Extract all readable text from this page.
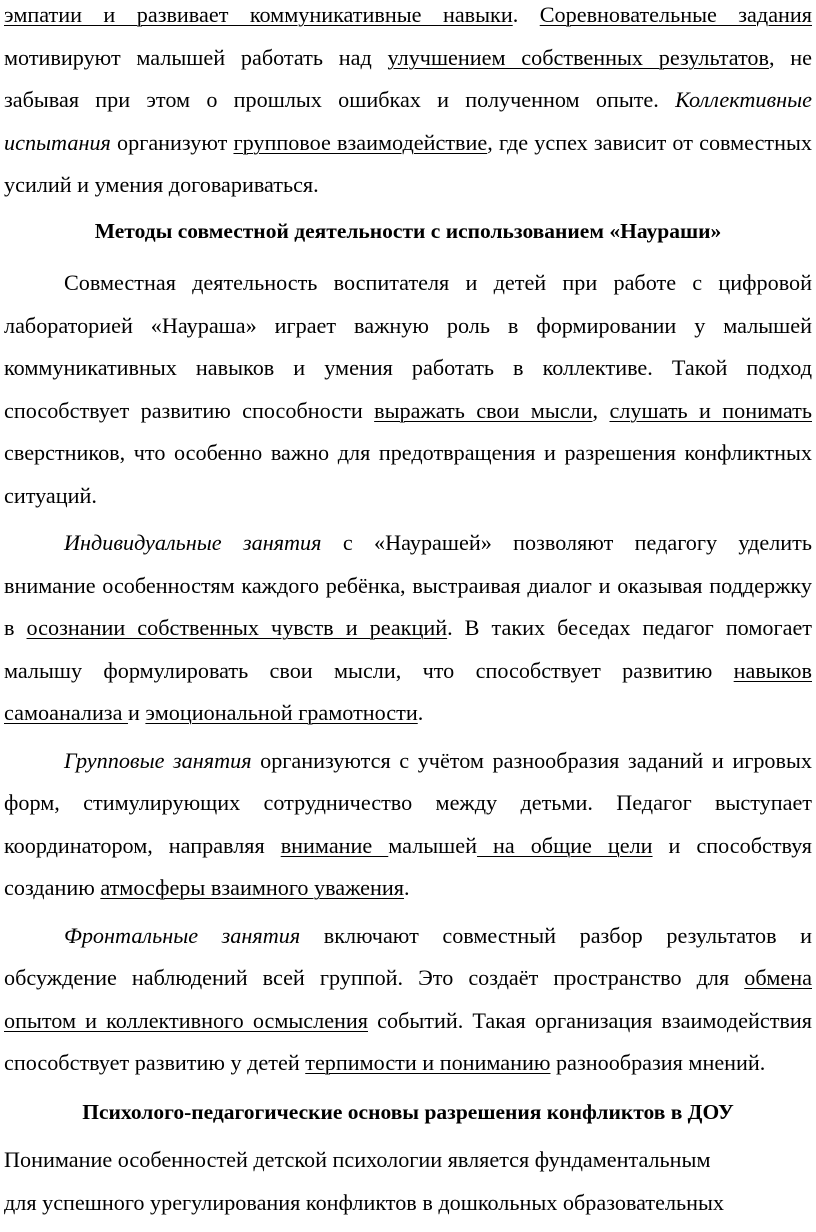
эмпатии и развивает коммуникативные навыки. Соревновательные задания мотивируют малышей работать над улучшением собственных результатов, не забывая при этом о прошлых ошибках и полученном опыте. Коллективные испытания организуют групповое взаимодействие, где успех зависит от совместных усилий и умения договариваться.

Методы совместной деятельности с использованием «Наураши»

Совместная деятельность воспитателя и детей при работе с цифровой лабораторией «Наураша» играет важную роль в формировании у малышей коммуникативных навыков и умения работать в коллективе. Такой подход способствует развитию способности выражать свои мысли, слушать и понимать сверстников, что особенно важно для предотвращения и разрешения конфликтных ситуаций.

Индивидуальные занятия с «Наурашей» позволяют педагогу уделить внимание особенностям каждого ребёнка, выстраивая диалог и оказывая поддержку в осознании собственных чувств и реакций. В таких беседах педагог помогает малышу формулировать свои мысли, что способствует развитию навыков самоанализа и эмоциональной грамотности.

Групповые занятия организуются с учётом разнообразия заданий и игровых форм, стимулирующих сотрудничество между детьми. Педагог выступает координатором, направляя внимание малышей на общие цели и способствуя созданию атмосферы взаимного уважения.

Фронтальные занятия включают совместный разбор результатов и обсуждение наблюдений всей группой. Это создаёт пространство для обмена опытом и коллективного осмысления событий. Такая организация взаимодействия способствует развитию у детей терпимости и пониманию разнообразия мнений.

Психолого-педагогические основы разрешения конфликтов в ДОУ

Понимание особенностей детской психологии является фундаментальным
для успешного урегулирования конфликтов в дошкольных образовательных
